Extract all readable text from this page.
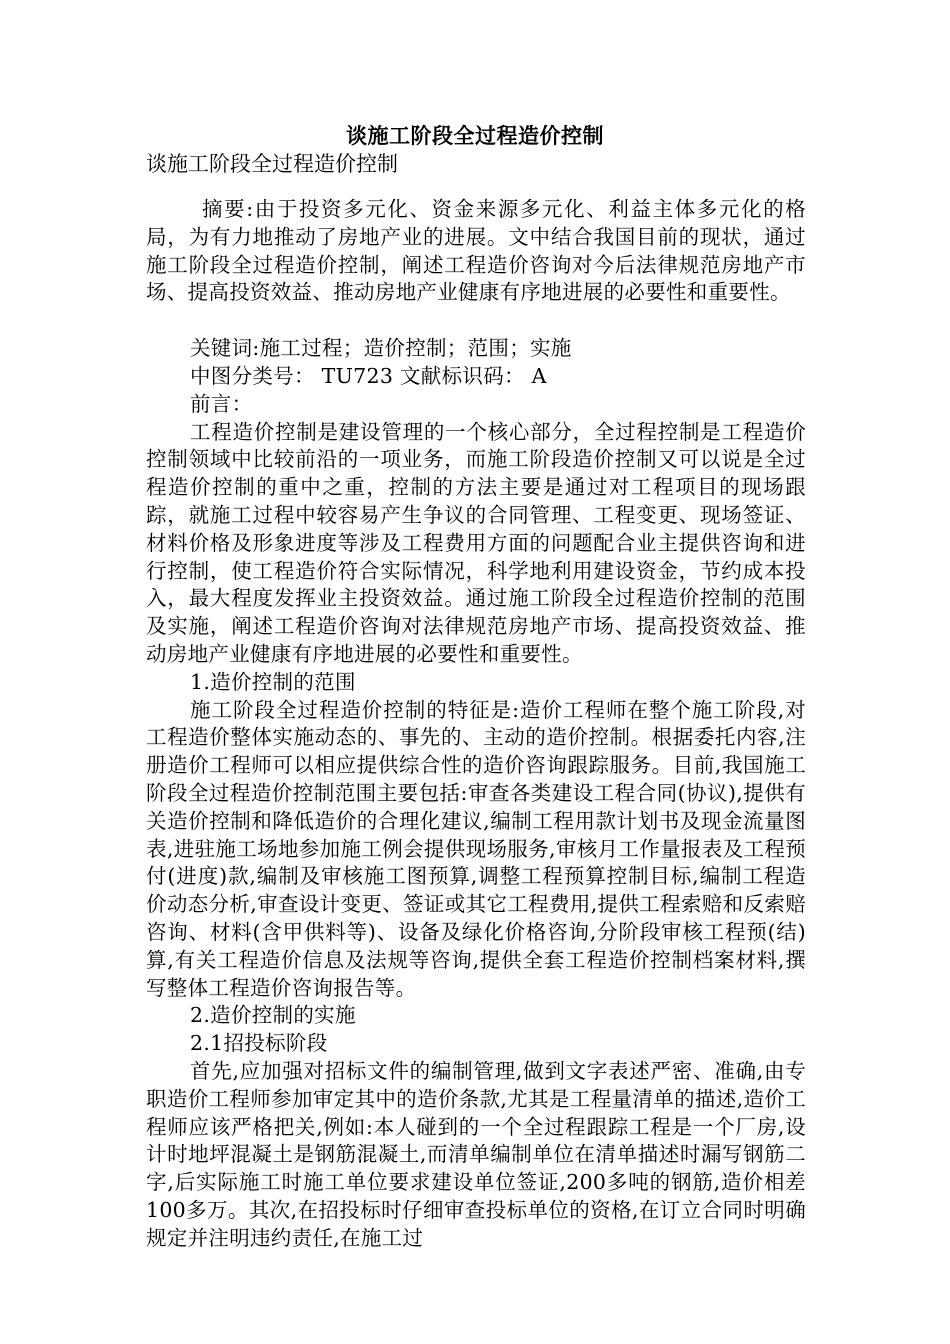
谈施工阶段全过程造价控制
谈施工阶段全过程造价控制

摘要:由于投资多元化、资金来源多元化、利益主体多元化的格局，为有力地推动了房地产业的进展。文中结合我国目前的现状，通过施工阶段全过程造价控制，阐述工程造价咨询对今后法律规范房地产市场、提高投资效益、推动房地产业健康有序地进展的必要性和重要性。

关键词:施工过程；造价控制；范围；实施

中图分类号： TU723 文献标识码： A

前言：

工程造价控制是建设管理的一个核心部分，全过程控制是工程造价控制领域中比较前沿的一项业务，而施工阶段造价控制又可以说是全过程造价控制的重中之重，控制的方法主要是通过对工程项目的现场跟踪，就施工过程中较容易产生争议的合同管理、工程变更、现场签证、材料价格及形象进度等涉及工程费用方面的问题配合业主提供咨询和进行控制，使工程造价符合实际情况，科学地利用建设资金，节约成本投入，最大程度发挥业主投资效益。通过施工阶段全过程造价控制的范围及实施，阐述工程造价咨询对法律规范房地产市场、提高投资效益、推动房地产业健康有序地进展的必要性和重要性。

1.造价控制的范围

施工阶段全过程造价控制的特征是:造价工程师在整个施工阶段,对工程造价整体实施动态的、事先的、主动的造价控制。根据委托内容,注册造价工程师可以相应提供综合性的造价咨询跟踪服务。目前,我国施工阶段全过程造价控制范围主要包括:审查各类建设工程合同(协议),提供有关造价控制和降低造价的合理化建议,编制工程用款计划书及现金流量图表,进驻施工场地参加施工例会提供现场服务,审核月工作量报表及工程预付(进度)款,编制及审核施工图预算,调整工程预算控制目标,编制工程造价动态分析,审查设计变更、签证或其它工程费用,提供工程索赔和反索赔咨询、材料(含甲供料等)、设备及绿化价格咨询,分阶段审核工程预(结)算,有关工程造价信息及法规等咨询,提供全套工程造价控制档案材料,撰写整体工程造价咨询报告等。

2.造价控制的实施

2.1招投标阶段

首先,应加强对招标文件的编制管理,做到文字表述严密、准确,由专职造价工程师参加审定其中的造价条款,尤其是工程量清单的描述,造价工程师应该严格把关,例如:本人碰到的一个全过程跟踪工程是一个厂房,设计时地坪混凝土是钢筋混凝土,而清单编制单位在清单描述时漏写钢筋二字,后实际施工时施工单位要求建设单位签证,200多吨的钢筋,造价相差100多万。其次,在招投标时仔细审查投标单位的资格,在订立合同时明确规定并注明违约责任,在施工过
